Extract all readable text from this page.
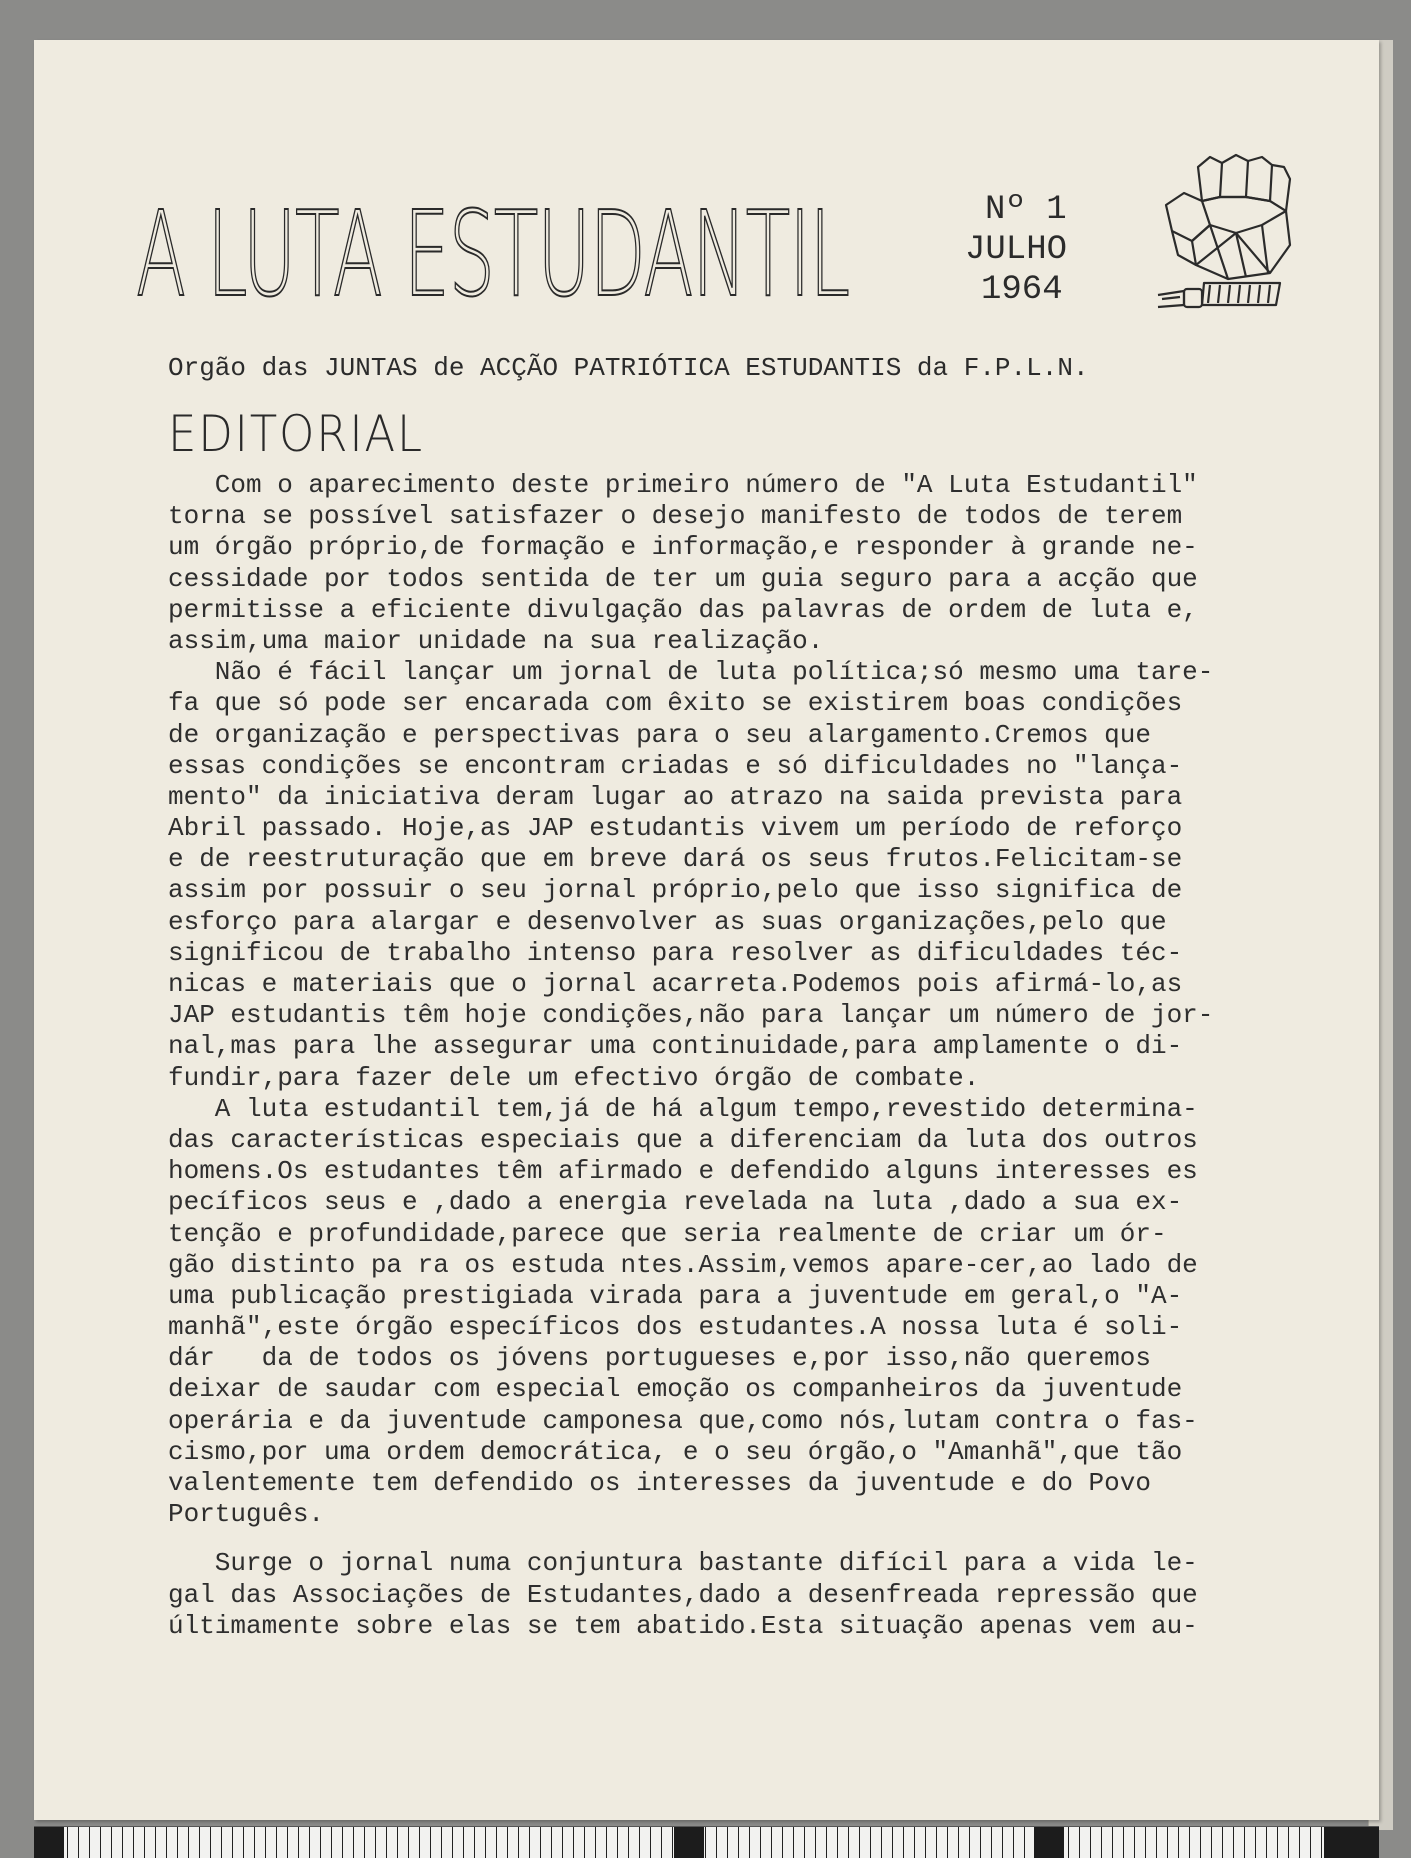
A LUTA ESTUDANTIL	Nº 1
JULHO
1964
Orgão das JUNTAS de ACÇÃO PATRIÓTICA ESTUDANTIS da F.P.L.N.
EDITORIAL
Com o aparecimento deste primeiro número de "A Luta Estudantil"
torna se possível satisfazer o desejo manifesto de todos de terem
um órgão próprio,de formação e informação,e responder à grande ne-
cessidade por todos sentida de ter um guia seguro para a acção que
permitisse a eficiente divulgação das palavras de ordem de luta e,
assim,uma maior unidade na sua realização.
Não é fácil lançar um jornal de luta política;só mesmo uma tare-
fa que só pode ser encarada com êxito se existirem boas condições
de organização e perspectivas para o seu alargamento.Cremos que
essas condições se encontram criadas e só dificuldades no "lança-
mento" da iniciativa deram lugar ao atrazo na saida prevista para
Abril passado. Hoje,as JAP estudantis vivem um período de reforço
e de reestruturação que em breve dará os seus frutos.Felicitam-se
assim por possuir o seu jornal próprio,pelo que isso significa de
esforço para alargar e desenvolver as suas organizações,pelo que
significou de trabalho intenso para resolver as dificuldades téc-
nicas e materiais que o jornal acarreta.Podemos pois afirmá-lo,as
JAP estudantis têm hoje condições,não para lançar um número de jor-
nal,mas para lhe assegurar uma continuidade,para amplamente o di-
fundir,para fazer dele um efectivo órgão de combate.
A luta estudantil tem,já de há algum tempo,revestido determina-
das características especiais que a diferenciam da luta dos outros
homens.Os estudantes têm afirmado e defendido alguns interesses es
pecíficos seus e ,dado a energia revelada na luta ,dado a sua ex-
tenção e profundidade,parece que seria realmente de criar um ór-
gão distinto pa ra os estuda ntes.Assim,vemos apare-cer,ao lado de
uma publicação prestigiada virada para a juventude em geral,o "A-
manhã",este órgão específicos dos estudantes.A nossa luta é soli-
dár   da de todos os jóvens portugueses e,por isso,não queremos
deixar de saudar com especial emoção os companheiros da juventude
operária e da juventude camponesa que,como nós,lutam contra o fas-
cismo,por uma ordem democrática, e o seu órgão,o "Amanhã",que tão
valentemente tem defendido os interesses da juventude e do Povo
Português.
Surge o jornal numa conjuntura bastante difícil para a vida le-
gal das Associações de Estudantes,dado a desenfreada repressão que
últimamente sobre elas se tem abatido.Esta situação apenas vem au-
